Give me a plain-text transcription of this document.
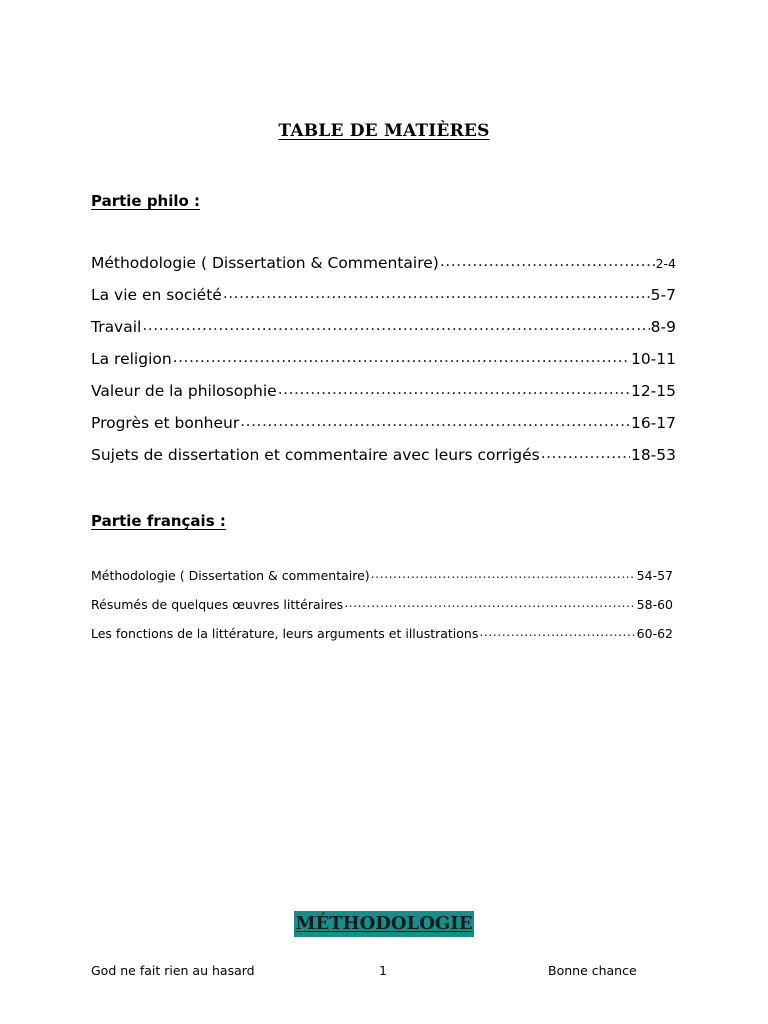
TABLE DE MATIÈRES
Partie philo :
Méthodologie ( Dissertation & Commentaire) .....	2-4
La vie en société .....	5-7
Travail .....	8-9
La religion .....	10-11
Valeur de la philosophie .....	12-15
Progrès et bonheur .....	16-17
Sujets de dissertation et commentaire avec leurs corrigés .....	18-53
Partie français :
Méthodologie ( Dissertation & commentaire) .....	54-57
Résumés de quelques œuvres littéraires .....	58-60
Les fonctions de la littérature, leurs arguments et illustrations .....	60-62
MÉTHODOLOGIE
God ne fait rien au hasard	1	Bonne chance
